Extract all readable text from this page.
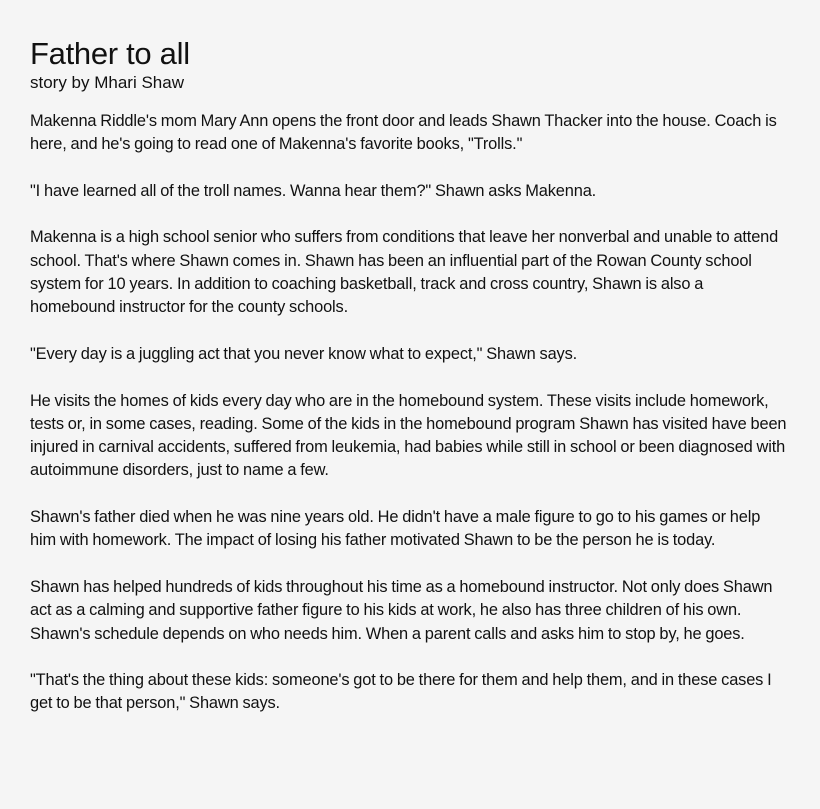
Father to all
story by Mhari Shaw

Makenna Riddle's mom Mary Ann opens the front door and leads Shawn Thacker into the house. Coach is here, and he's going to read one of Makenna's favorite books, "Trolls."

"I have learned all of the troll names. Wanna hear them?" Shawn asks Makenna.

Makenna is a high school senior who suffers from conditions that leave her nonverbal and unable to attend school. That's where Shawn comes in. Shawn has been an influential part of the Rowan County school system for 10 years. In addition to coaching basketball, track and cross country, Shawn is also a homebound instructor for the county schools.

"Every day is a juggling act that you never know what to expect," Shawn says.

He visits the homes of kids every day who are in the homebound system. These visits include homework, tests or, in some cases, reading. Some of the kids in the homebound program Shawn has visited have been injured in carnival accidents, suffered from leukemia, had babies while still in school or been diagnosed with autoimmune disorders, just to name a few.

Shawn's father died when he was nine years old. He didn't have a male figure to go to his games or help him with homework. The impact of losing his father motivated Shawn to be the person he is today.

Shawn has helped hundreds of kids throughout his time as a homebound instructor. Not only does Shawn act as a calming and supportive father figure to his kids at work, he also has three children of his own. Shawn's schedule depends on who needs him. When a parent calls and asks him to stop by, he goes.

"That's the thing about these kids: someone's got to be there for them and help them, and in these cases I get to be that person," Shawn says.
